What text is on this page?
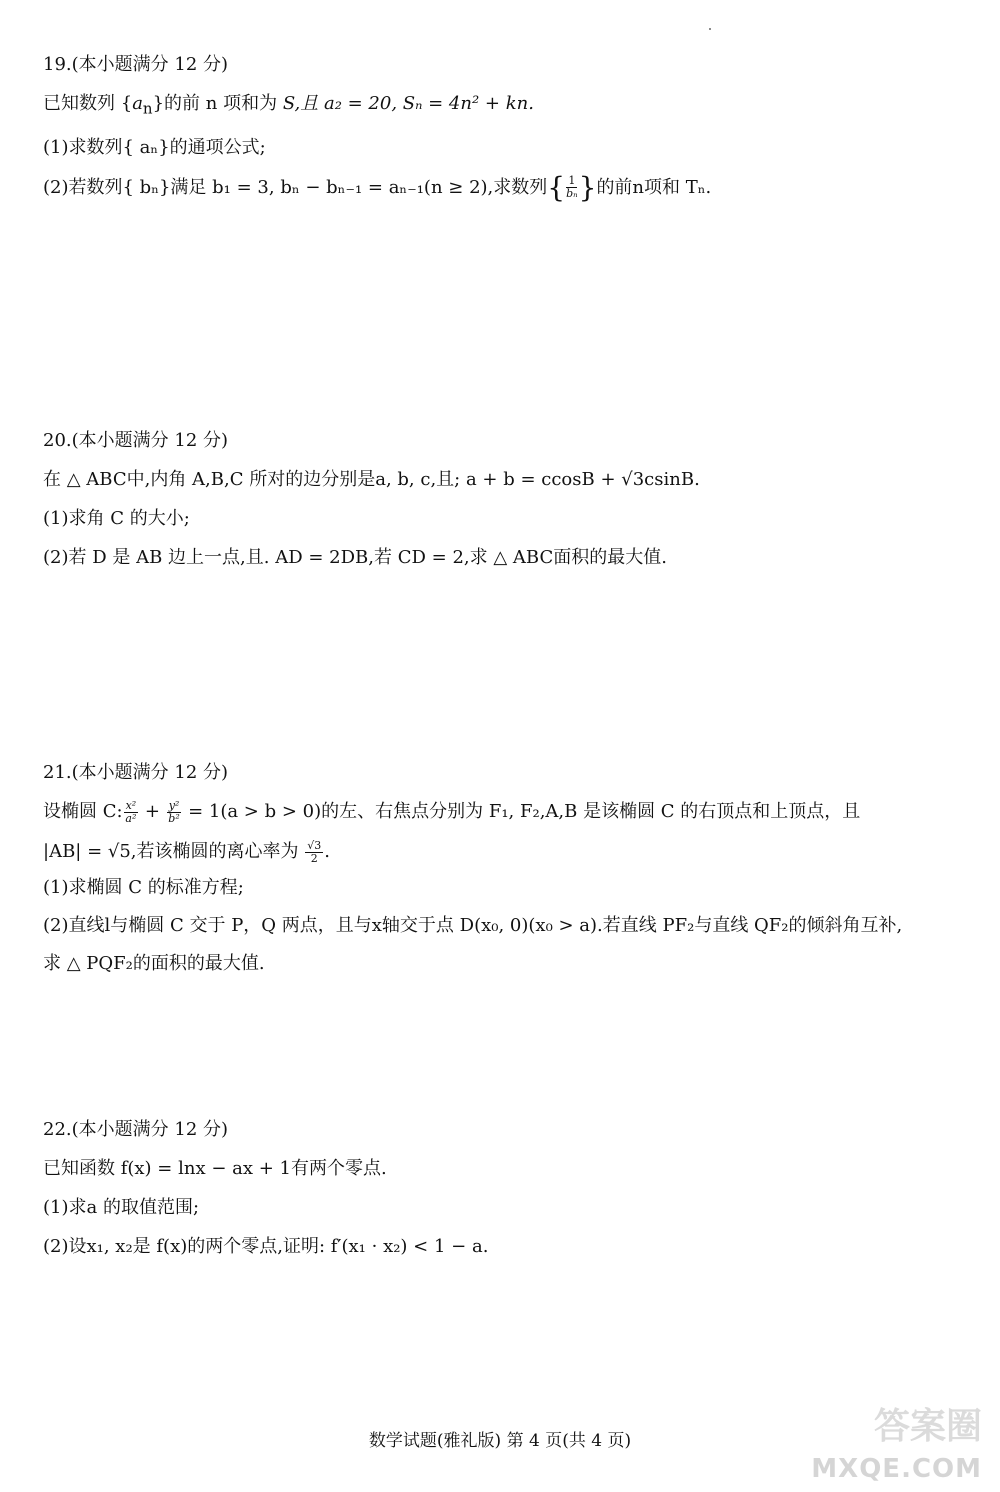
19.(本小题满分 12 分)

已知数列 $\{a_n\}$的前 n 项和为 S,且 a₂ = 20, Sₙ = 4n² + kn.

(1)求数列{ aₙ}的通项公式;

(2)若数列{ bₙ}满足 b₁ = 3, bₙ − bₙ₋₁ = aₙ₋₁(n ≥ 2),求数列{ $\frac{1}{\text{bₙ}}$ }的前n项和 Tₙ.

20.(本小题满分 12 分)

在 △ ABC中,内角 A,B,C 所对的边分别是a, b, c,且; a + b = ccosB + √3csinB.

(1)求角 C 的大小;

(2)若 D 是 AB 边上一点,且. AD = 2DB,若 CD = 2,求 △ ABC面积的最大值.

21.(本小题满分 12 分)

设椭圆 C: $\frac{\text{x²}}{\text{a²}} + \frac{\text{y²}}{\text{b²}} = 1(a > b > 0)$的左、右焦点分别为 F₁, F₂,A,B 是该椭圆 C 的右顶点和上顶点，且

|AB| = √5,若该椭圆的离心率为 $\frac{√3}{2}$ .

(1)求椭圆 C 的标准方程;

(2)直线l与椭圆 C 交于 P，Q 两点，且与x轴交于点 D(x₀, 0)(x₀ > a).若直线 PF₂与直线 QF₂的倾斜角互补,

求 △ PQF₂的面积的最大值.

22.(本小题满分 12 分)

已知函数 f(x) = lnx − ax + 1有两个零点.

(1)求a 的取值范围;

(2)设x₁, x₂是 f(x)的两个零点,证明: f′(x₁ · x₂) < 1 − a.

数学试题(雅礼版) 第 4 页(共 4 页)	答案圈
MXQE.COM
